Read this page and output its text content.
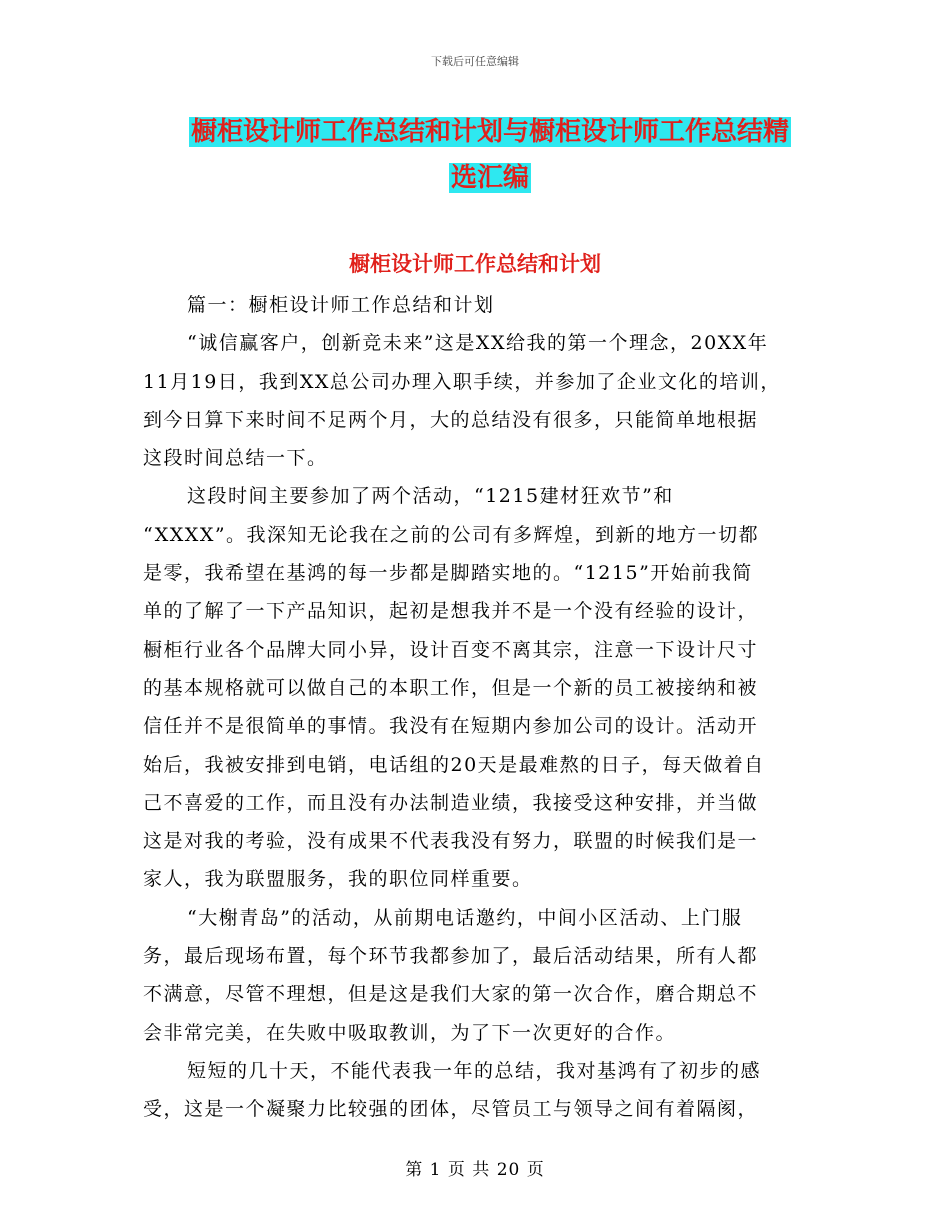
下载后可任意编辑
橱柜设计师工作总结和计划与橱柜设计师工作总结精
选汇编
橱柜设计师工作总结和计划
篇一：橱柜设计师工作总结和计划
“诚信赢客户，创新竞未来”这是XX给我的第一个理念，20XX年
11月19日，我到XX总公司办理入职手续，并参加了企业文化的培训，
到今日算下来时间不足两个月，大的总结没有很多，只能简单地根据
这段时间总结一下。
这段时间主要参加了两个活动，“1215建材狂欢节”和
“XXXX”。我深知无论我在之前的公司有多辉煌，到新的地方一切都
是零，我希望在基鸿的每一步都是脚踏实地的。“1215”开始前我简
单的了解了一下产品知识，起初是想我并不是一个没有经验的设计，
橱柜行业各个品牌大同小异，设计百变不离其宗，注意一下设计尺寸
的基本规格就可以做自己的本职工作，但是一个新的员工被接纳和被
信任并不是很简单的事情。我没有在短期内参加公司的设计。活动开
始后，我被安排到电销，电话组的20天是最难熬的日子，每天做着自
己不喜爱的工作，而且没有办法制造业绩，我接受这种安排，并当做
这是对我的考验，没有成果不代表我没有努力，联盟的时候我们是一
家人，我为联盟服务，我的职位同样重要。
“大榭青岛”的活动，从前期电话邀约，中间小区活动、上门服
务，最后现场布置，每个环节我都参加了，最后活动结果，所有人都
不满意，尽管不理想，但是这是我们大家的第一次合作，磨合期总不
会非常完美，在失败中吸取教训，为了下一次更好的合作。
短短的几十天，不能代表我一年的总结，我对基鸿有了初步的感
受，这是一个凝聚力比较强的团体，尽管员工与领导之间有着隔阂，
第 1 页 共 20 页
